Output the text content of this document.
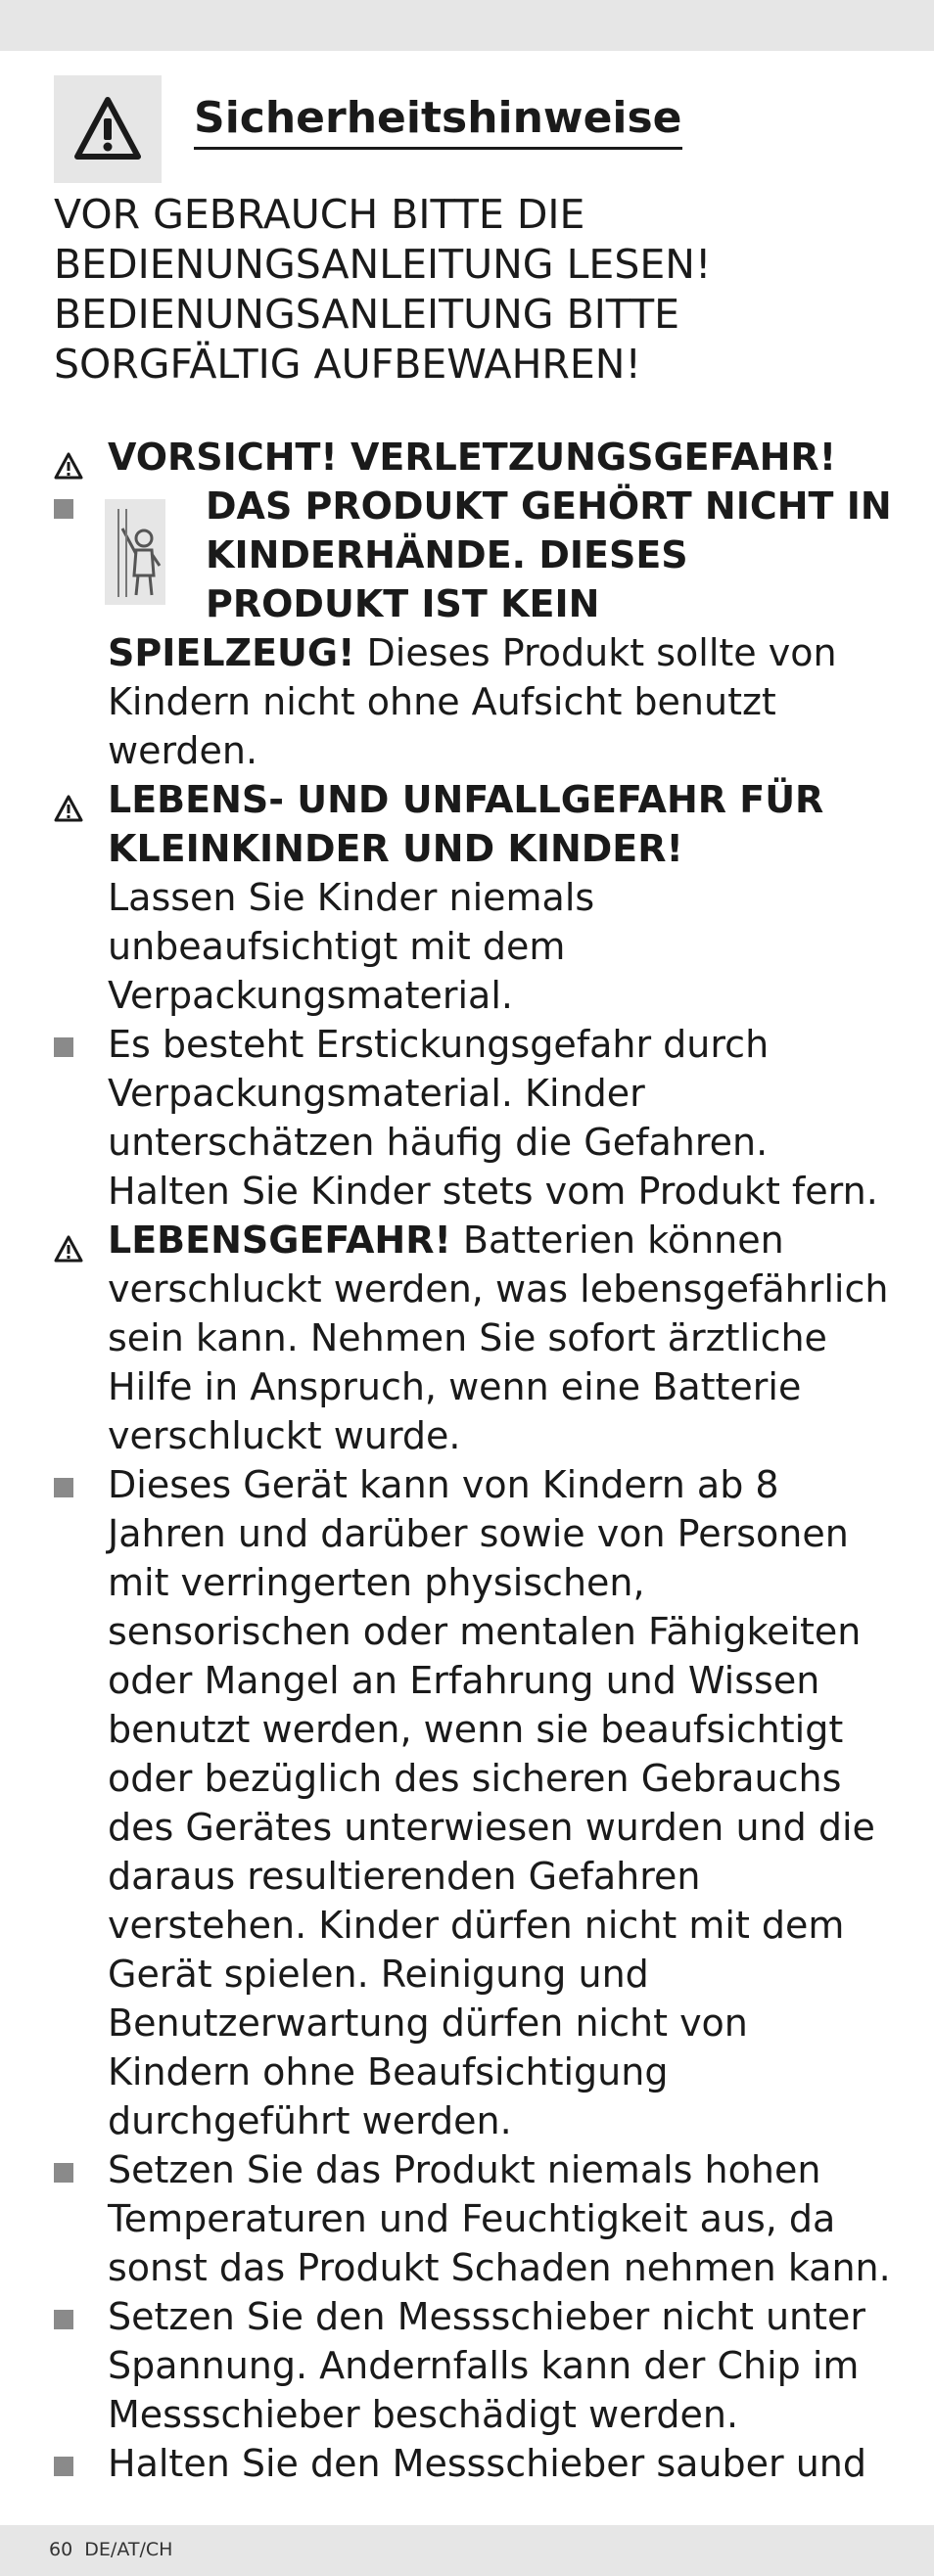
Sicherheitshinweise

VOR GEBRAUCH BITTE DIE BEDIENUNGSANLEITUNG LESEN! BEDIENUNGSANLEITUNG BITTE SORGFÄLTIG AUFBEWAHREN!

VORSICHT! VERLETZUNGSGEFAHR!
DAS PRODUKT GEHÖRT NICHT IN KINDERHÄNDE. DIESES PRODUKT IST KEIN
SPIELZEUG! Dieses Produkt sollte von Kindern nicht ohne Aufsicht benutzt werden.
LEBENS- UND UNFALLGEFAHR FÜR KLEINKINDER UND KINDER!
Lassen Sie Kinder niemals unbeaufsichtigt mit dem Verpackungsmaterial.
Es besteht Erstickungsgefahr durch Verpackungsmaterial. Kinder unterschätzen häufig die Gefahren. Halten Sie Kinder stets vom Produkt fern.
LEBENSGEFAHR! Batterien können verschluckt werden, was lebensgefährlich sein kann. Nehmen Sie sofort ärztliche Hilfe in Anspruch, wenn eine Batterie verschluckt wurde.
Dieses Gerät kann von Kindern ab 8 Jahren und darüber sowie von Personen mit verringerten physischen, sensorischen oder mentalen Fähigkeiten oder Mangel an Erfahrung und Wissen benutzt werden, wenn sie beaufsichtigt oder bezüglich des sicheren Gebrauchs des Gerätes unterwiesen wurden und die daraus resultierenden Gefahren verstehen. Kinder dürfen nicht mit dem Gerät spielen. Reinigung und Benutzerwartung dürfen nicht von Kindern ohne Beaufsichtigung durchgeführt werden.
Setzen Sie das Produkt niemals hohen Temperaturen und Feuchtigkeit aus, da sonst das Produkt Schaden nehmen kann.
Setzen Sie den Messschieber nicht unter Spannung. Andernfalls kann der Chip im Messschieber beschädigt werden.
Halten Sie den Messschieber sauber und
60 DE/AT/CH
